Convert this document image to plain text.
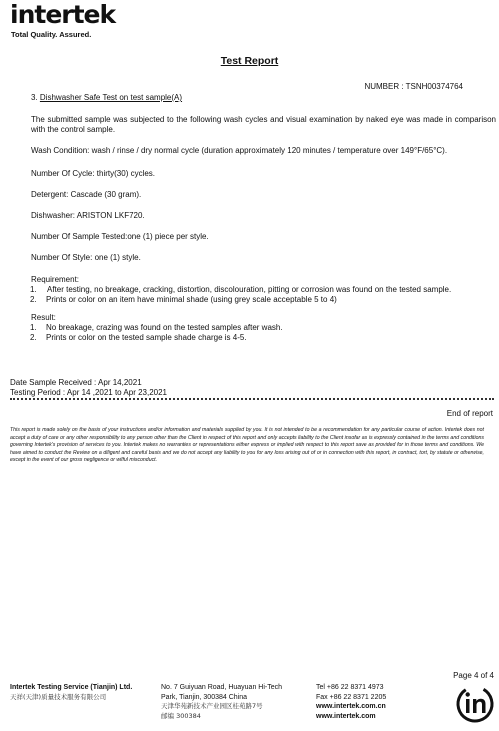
intertek
Total Quality. Assured.
Test Report
NUMBER : TSNH00374764
3. Dishwasher Safe Test on test sample(A)
The submitted sample was subjected to the following wash cycles and visual examination by naked eye was made in comparison with the control sample.
Wash Condition: wash / rinse / dry normal cycle (duration approximately 120 minutes / temperature over 149°F/65°C).
Number Of Cycle: thirty(30) cycles.
Detergent: Cascade (30 gram).
Dishwasher: ARISTON LKF720.
Number Of Sample Tested:one (1) piece per style.
Number Of Style: one (1) style.
Requirement:
1.	After testing, no breakage, cracking, distortion, discolouration, pitting or corrosion was found on the tested sample.
2.	Prints or color on an item have minimal shade (using grey scale acceptable 5 to 4)
Result:
1.	No breakage, crazing was found on the tested samples after wash.
2.	Prints or color on the tested sample shade charge is 4-5.
Date Sample Received : Apr 14,2021
Testing Period : Apr 14 ,2021 to Apr 23,2021
End of report
This report is made solely on the basis of your instructions and/or information and materials supplied by you. It is not intended to be a recommendation for any particular course of action. Intertek does not accept a duty of care or any other responsibility to any person other than the Client in respect of this report and only accepts liability to the Client insofar as is expressly contained in the terms and conditions governing Intertek's provision of services to you. Intertek makes no warranties or representations either express or implied with respect to this report save as provided for in those terms and conditions. We have aimed to conduct the Review on a diligent and careful basis and we do not accept any liability to you for any loss arising out of or in connection with this report, in contract, tort, by statute or otherwise, except in the event of our gross negligence or wilful misconduct.
Page 4 of 4
Intertek Testing Service (Tianjin) Ltd.
天祥(天津)质量技术服务有限公司
No. 7 Guiyuan Road, Huayuan Hi-Tech
Park, Tianjin, 300384 China
天津华苑新技术产业园区桂苑路7号
邮编 300384
Tel +86 22 8371 4973
Fax +86 22 8371 2205
www.intertek.com.cn
www.intertek.com
